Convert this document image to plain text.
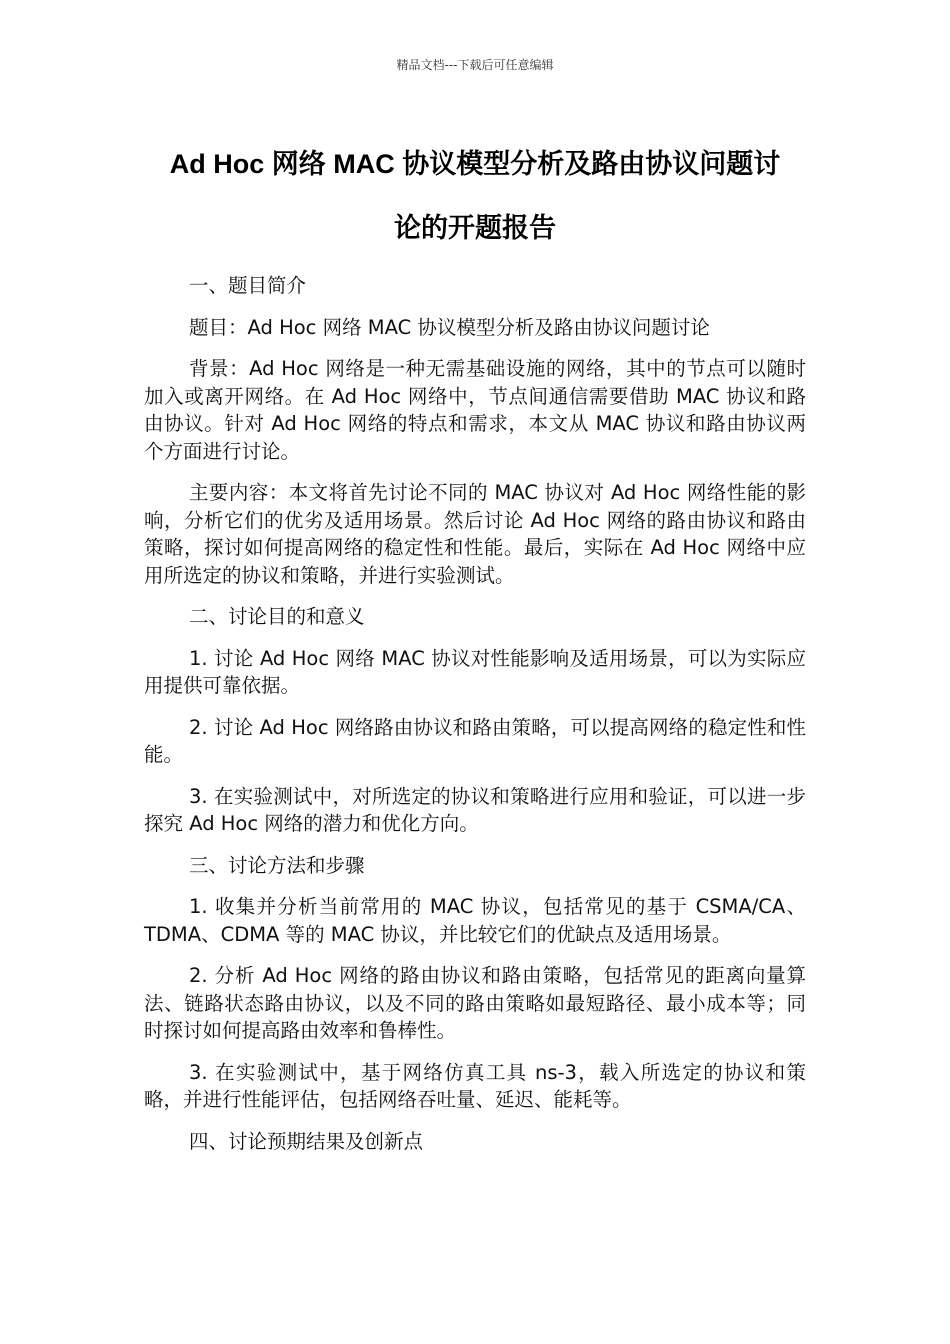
精品文档---下载后可任意编辑
Ad Hoc 网络 MAC 协议模型分析及路由协议问题讨
论的开题报告

一、题目简介

题目：Ad Hoc 网络 MAC 协议模型分析及路由协议问题讨论

背景：Ad Hoc 网络是一种无需基础设施的网络，其中的节点可以随时加入或离开网络。在 Ad Hoc 网络中，节点间通信需要借助 MAC 协议和路由协议。针对 Ad Hoc 网络的特点和需求，本文从 MAC 协议和路由协议两个方面进行讨论。

主要内容：本文将首先讨论不同的 MAC 协议对 Ad Hoc 网络性能的影响，分析它们的优劣及适用场景。然后讨论 Ad Hoc 网络的路由协议和路由策略，探讨如何提高网络的稳定性和性能。最后，实际在 Ad Hoc 网络中应用所选定的协议和策略，并进行实验测试。

二、讨论目的和意义

1. 讨论 Ad Hoc 网络 MAC 协议对性能影响及适用场景，可以为实际应用提供可靠依据。

2. 讨论 Ad Hoc 网络路由协议和路由策略，可以提高网络的稳定性和性能。

3. 在实验测试中，对所选定的协议和策略进行应用和验证，可以进一步探究 Ad Hoc 网络的潜力和优化方向。

三、讨论方法和步骤

1. 收集并分析当前常用的 MAC 协议，包括常见的基于 CSMA/CA、TDMA、CDMA 等的 MAC 协议，并比较它们的优缺点及适用场景。

2. 分析 Ad Hoc 网络的路由协议和路由策略，包括常见的距离向量算法、链路状态路由协议，以及不同的路由策略如最短路径、最小成本等；同时探讨如何提高路由效率和鲁棒性。

3. 在实验测试中，基于网络仿真工具 ns-3，载入所选定的协议和策略，并进行性能评估，包括网络吞吐量、延迟、能耗等。

四、讨论预期结果及创新点
